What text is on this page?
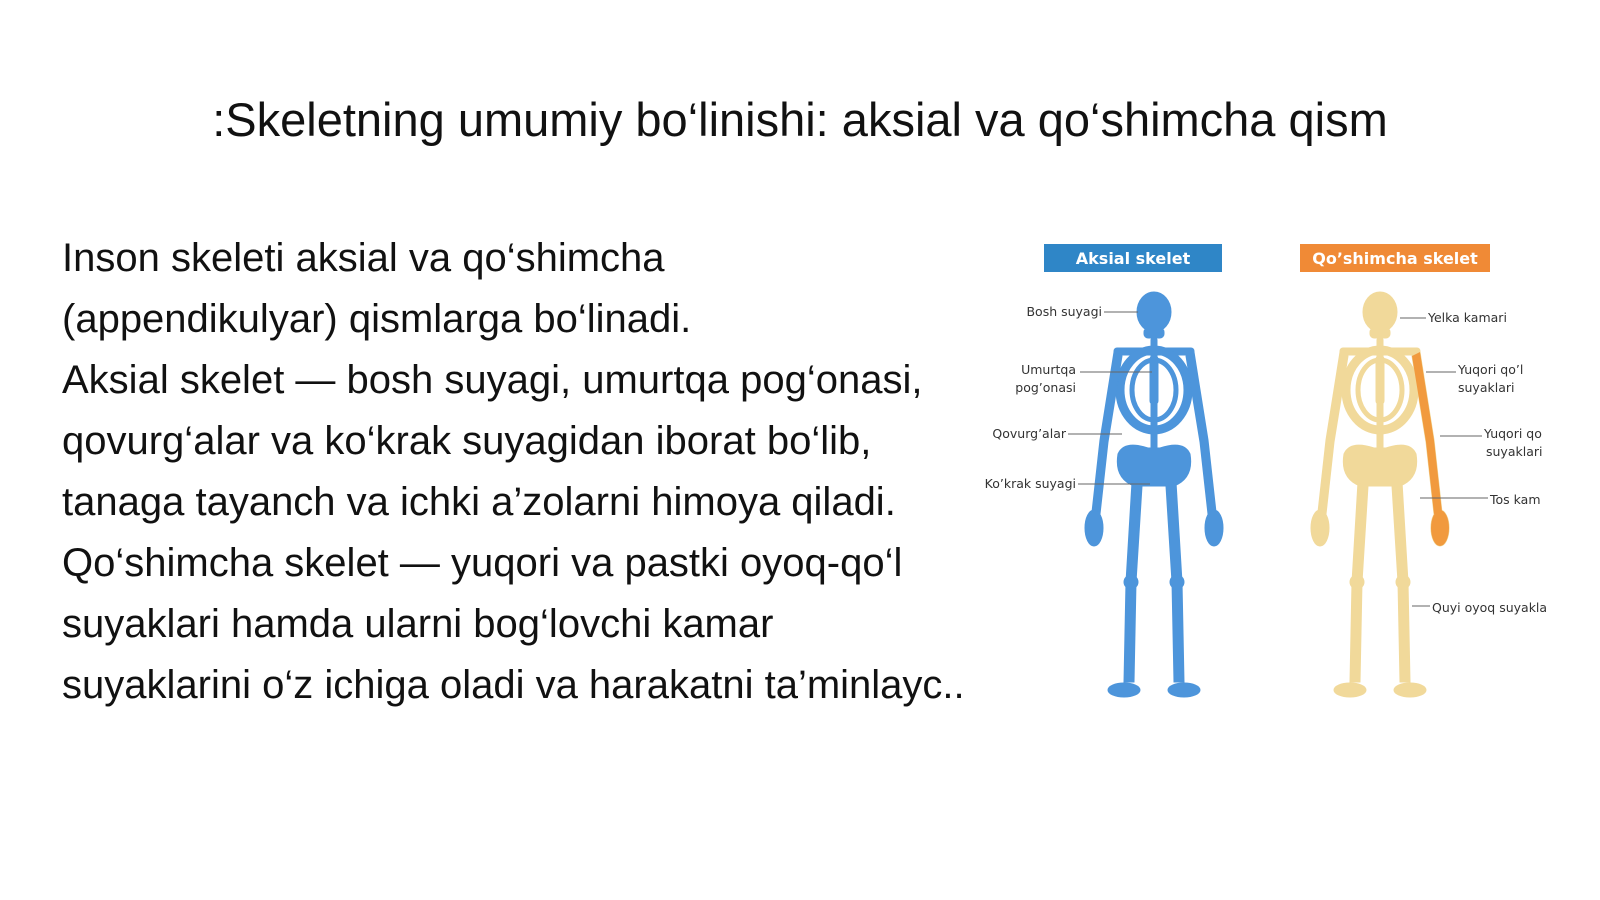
:Skeletning umumiy bo‘linishi: aksial va qo‘shimcha qism
Inson skeleti aksial va qo‘shimcha
(appendikulyar) qismlarga bo‘linadi.
Aksial skelet — bosh suyagi, umurtqa pog‘onasi,
qovurg‘alar va ko‘krak suyagidan iborat bo‘lib,
tanaga tayanch va ichki a’zolarni himoya qiladi.
Qo‘shimcha skelet — yuqori va pastki oyoq-qo‘l
suyaklari hamda ularni bog‘lovchi kamar
suyaklarini o‘z ichiga oladi va harakatni ta’minlayc..
Aksial skelet
Bosh suyagi
Umurtqa
pog’onasi
Qovurg’alar
Ko’krak suyagi
Qo’shimcha skelet
Yelka kamari
Yuqori qo’l
suyaklari
Yuqori qo
suyaklari
Tos kam
Quyi oyoq suyakla
